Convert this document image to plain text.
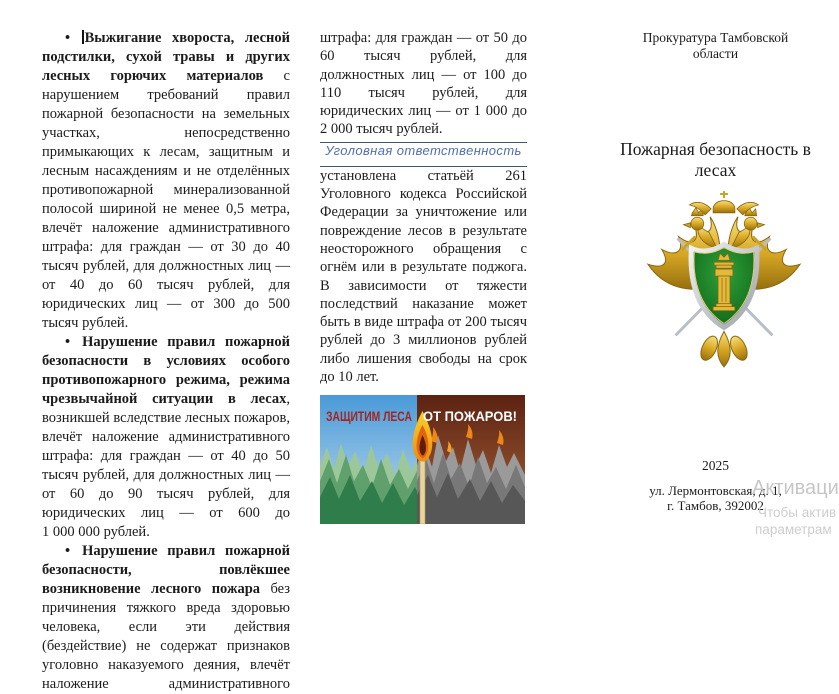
• Выжигание хвороста, лесной подстилки, сухой травы и других лесных горючих материалов с нарушением требований правил пожарной безопасности на земельных участках, непосредственно примыкающих к лесам, защитным и лесным насаждениям и не отделённых противопожарной минерализованной полосой шириной не менее 0,5 метра, влечёт наложение административного штрафа: для граждан — от 30 до 40 тысяч рублей, для должностных лиц — от 40 до 60 тысяч рублей, для юридических лиц — от 300 до 500 тысяч рублей.

• Нарушение правил пожарной безопасности в условиях особого противопожарного режима, режима чрезвычайной ситуации в лесах, возникшей вследствие лесных пожаров, влечёт наложение административного штрафа: для граждан — от 40 до 50 тысяч рублей, для должностных лиц — от 60 до 90 тысяч рублей, для юридических лиц — от 600 до 1 000 000 рублей.

• Нарушение правил пожарной безопасности, повлёкшее возникновение лесного пожара без причинения тяжкого вреда здоровью человека, если эти действия (бездействие) не содержат признаков уголовно наказуемого деяния, влечёт наложение административного

штрафа: для граждан — от 50 до 60 тысяч рублей, для должностных лиц — от 100 до 110 тысяч рублей, для юридических лиц — от 1 000 до 2 000 тысяч рублей.

Уголовная ответственность

установлена статьёй 261 Уголовного кодекса Российской Федерации за уничтожение или повреждение лесов в результате неосторожного обращения с огнём или в результате поджога. В зависимости от тяжести последствий наказание может быть в виде штрафа от 200 тысяч рублей до 3 миллионов рублей либо лишения свободы на срок до 10 лет.

ЗАЩИТИМ ЛЕСА ОТ ПОЖАРОВ!
Прокуратура Тамбовской области
Пожарная безопасность в лесах
2025
ул. Лермонтовская, д. 1,
г. Тамбов, 392002
Активаци
Чтобы актив
параметрам
